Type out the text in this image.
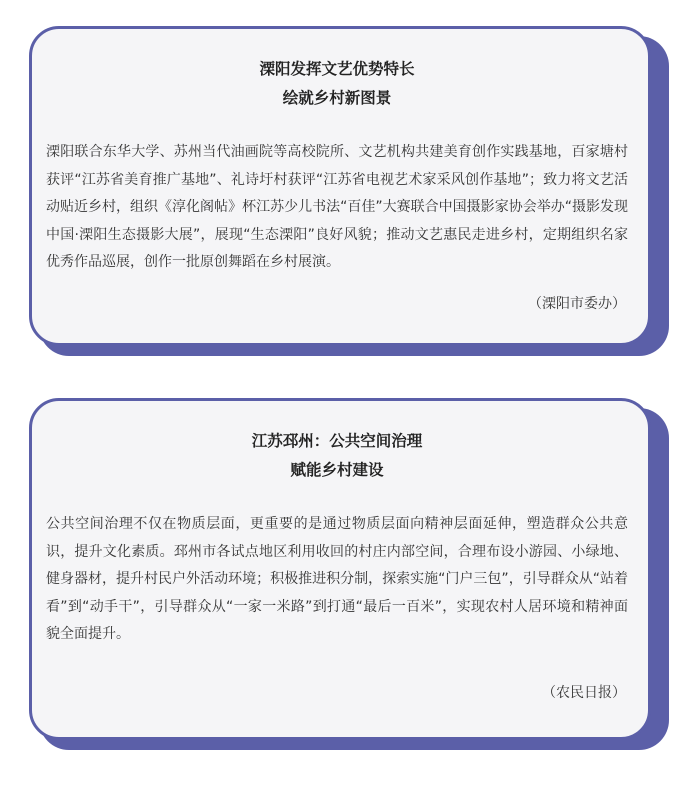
溧阳发挥文艺优势特长
绘就乡村新图景
溧阳联合东华大学、苏州当代油画院等高校院所、文艺机构共建美育创作实践基地，百家塘村获评“江苏省美育推广基地”、礼诗圩村获评“江苏省电视艺术家采风创作基地”；致力将文艺活动贴近乡村，组织《淳化阁帖》杯江苏少儿书法“百佳”大赛联合中国摄影家协会举办“摄影发现中国·溧阳生态摄影大展”，展现“生态溧阳”良好风貌；推动文艺惠民走进乡村，定期组织名家优秀作品巡展，创作一批原创舞蹈在乡村展演。
（溧阳市委办）
江苏邳州：公共空间治理
赋能乡村建设
公共空间治理不仅在物质层面，更重要的是通过物质层面向精神层面延伸，塑造群众公共意识，提升文化素质。邳州市各试点地区利用收回的村庄内部空间，合理布设小游园、小绿地、健身器材，提升村民户外活动环境；积极推进积分制，探索实施“门户三包”，引导群众从“站着看”到“动手干”，引导群众从“一家一米路”到打通“最后一百米”，实现农村人居环境和精神面貌全面提升。
（农民日报）
